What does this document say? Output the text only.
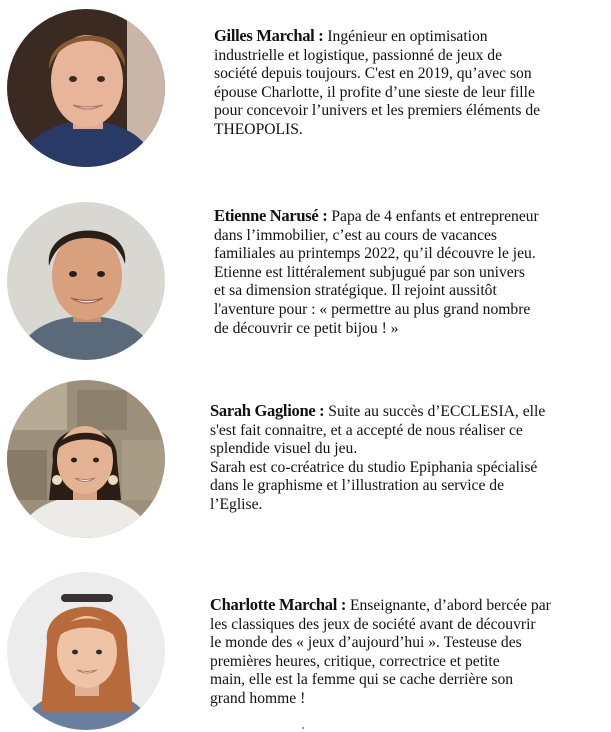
Gilles Marchal : Ingénieur en optimisation
industrielle et logistique, passionné de jeux de
société depuis toujours. C'est en 2019, qu’avec son
épouse Charlotte, il profite d’une sieste de leur fille
pour concevoir l’univers et les premiers éléments de
THEOPOLIS.

Etienne Narusé : Papa de 4 enfants et entrepreneur
dans l’immobilier, c’est au cours de vacances
familiales au printemps 2022, qu’il découvre le jeu.
Etienne est littéralement subjugué par son univers
et sa dimension stratégique. Il rejoint aussitôt
l'aventure pour : « permettre au plus grand nombre
de découvrir ce petit bijou ! »

Sarah Gaglione : Suite au succès d’ECCLESIA, elle
s'est fait connaitre, et a accepté de nous réaliser ce
splendide visuel du jeu.
Sarah est co-créatrice du studio Epiphania spécialisé
dans le graphisme et l’illustration au service de
l’Eglise.

Charlotte Marchal : Enseignante, d’abord bercée par
les classiques des jeux de société avant de découvrir
le monde des « jeux d’aujourd’hui ». Testeuse des
premières heures, critique, correctrice et petite
main, elle est la femme qui se cache derrière son
grand homme !
